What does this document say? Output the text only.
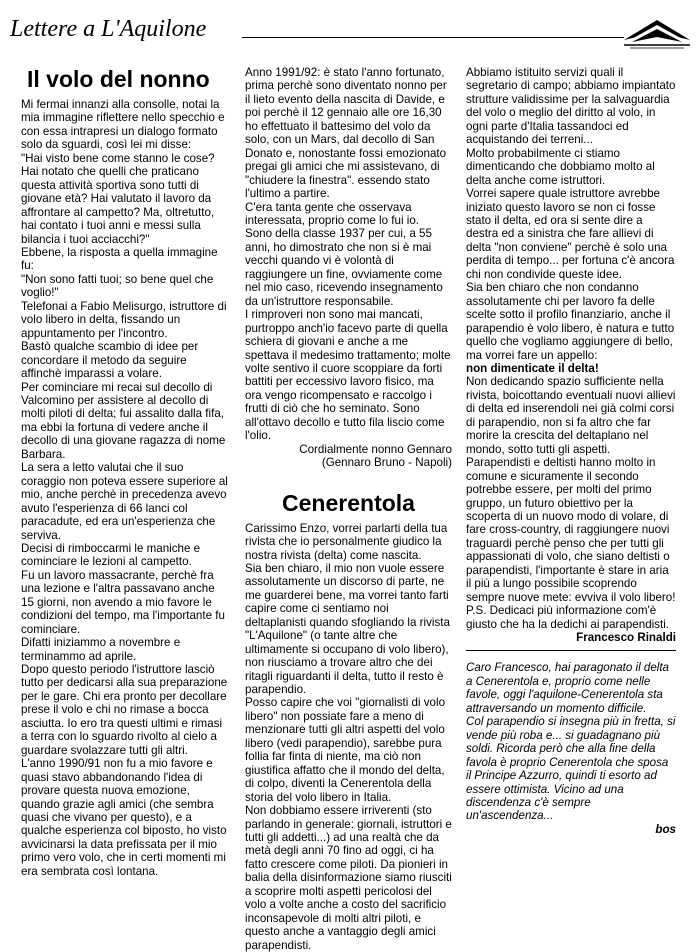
Lettere a L'Aquilone
Il volo del nonno

Mi fermai innanzi alla consolle, notai la mia immagine riflettere nello specchio e con essa intrapresi un dialogo formato solo da sguardi, così lei mi disse:

"Hai visto bene come stanno le cose? Hai notato che quelli che praticano questa attività sportiva sono tutti di giovane età? Hai valutato il lavoro da affrontare al campetto? Ma, oltretutto, hai contato i tuoi anni e messi sulla bilancia i tuoi acciacchi?"

Ebbene, la risposta a quella immagine fu:

"Non sono fatti tuoi; so bene quel che voglio!"

Telefonai a Fabio Melisurgo, istruttore di volo libero in delta, fissando un appuntamento per l'incontro.

Bastò qualche scambio di idee per concordare il metodo da seguire affinchè imparassi a volare.

Per cominciare mi recai sul decollo di Valcomino per assistere al decollo di molti piloti di delta; fui assalito dalla fifa, ma ebbi la fortuna di vedere anche il decollo di una giovane ragazza di nome Barbara.

La sera a letto valutai che il suo coraggio non poteva essere superiore al mio, anche perchè in precedenza avevo avuto l'esperienza di 66 lanci col paracadute, ed era un'esperienza che serviva.

Decisi di rimboccarmi le maniche e cominciare le lezioni al campetto.

Fu un lavoro massacrante, perchè fra una lezione e l'altra passavano anche 15 giorni, non avendo a mio favore le condizioni del tempo, ma l'importante fu cominciare.

Difatti iniziammo a novembre e terminammo ad aprile.

Dopo questo periodo l'istruttore lasciò tutto per dedicarsi alla sua preparazione per le gare. Chi era pronto per decollare prese il volo e chi no rimase a bocca asciutta. Io ero tra questi ultimi e rimasi a terra con lo sguardo rivolto al cielo a guardare svolazzare tutti gli altri.

L'anno 1990/91 non fu a mio favore e quasi stavo abbandonando l'idea di provare questa nuova emozione, quando grazie agli amici (che sembra quasi che vivano per questo), e a qualche esperienza col biposto, ho visto avvicinarsi la data prefissata per il mio primo vero volo, che in certi momenti mi era sembrata così lontana.

Anno 1991/92: è stato l'anno fortunato, prima perchè sono diventato nonno per il lieto evento della nascita di Davide, e poi perchè il 12 gennaio alle ore 16,30 ho effettuato il battesimo del volo da solo, con un Mars, dal decollo di San Donato e, nonostante fossi emozionato pregai gli amici che mi assistevano, di "chiudere la finestra". essendo stato l'ultimo a partire.

C'era tanta gente che osservava interessata, proprio come lo fui io.

Sono della classe 1937 per cui, a 55 anni, ho dimostrato che non si è mai vecchi quando vi è volontà di raggiungere un fine, ovviamente come nel mio caso, ricevendo insegnamento da un'istruttore responsabile.

I rimproveri non sono mai mancati, purtroppo anch'io facevo parte di quella schiera di giovani e anche a me spettava il medesimo trattamento; molte volte sentivo il cuore scoppiare da forti battiti per eccessivo lavoro fisico, ma ora vengo ricompensato e raccolgo i frutti di ciò che ho seminato. Sono all'ottavo decollo e tutto fila liscio come l'olio.

Cordialmente nonno Gennaro

(Gennaro Bruno - Napoli)

Cenerentola

Carissimo Enzo, vorrei parlarti della tua rivista che io personalmente giudico la nostra rivista (delta) come nascita.

Sia ben chiaro, il mio non vuole essere assolutamente un discorso di parte, ne me guarderei bene, ma vorrei tanto farti capire come ci sentiamo noi deltaplanisti quando sfogliando la rivista "L'Aquilone" (o tante altre che ultimamente si occupano di volo libero), non riusciamo a trovare altro che dei ritagli riguardanti il delta, tutto il resto è parapendio.

Posso capire che voi "giornalisti di volo libero" non possiate fare a meno di menzionare tutti gli altri aspetti del volo libero (vedi parapendio), sarebbe pura follia far finta di niente, ma ciò non giustifica affatto che il mondo del delta, di colpo, diventi la Cenerentola della storia del volo libero in Italia.

Non dobbiamo essere irriverenti (sto parlando in generale: giornali, istruttori e tutti gli addetti...) ad una realtà che da metà degli anni 70 fino ad oggi, ci ha fatto crescere come piloti. Da pionieri in balia della disinformazione siamo riusciti a scoprire molti aspetti pericolosi del volo a volte anche a costo del sacrificio inconsapevole di molti altri piloti, e questo anche a vantaggio degli amici parapendisti.

Abbiamo istituito servizi quali il segretario di campo; abbiamo impiantato strutture validissime per la salvaguardia del volo o meglio del diritto al volo, in ogni parte d'Italia tassandoci ed acquistando dei terreni...

Molto probabilmente ci stiamo dimenticando che dobbiamo molto al delta anche come istruttori.

Vorrei sapere quale istruttore avrebbe iniziato questo lavoro se non ci fosse stato il delta, ed ora si sente dire a destra ed a sinistra che fare allievi di delta "non conviene" perchè è solo una perdita di tempo... per fortuna c'è ancora chi non condivide queste idee.

Sia ben chiaro che non condanno assolutamente chi per lavoro fa delle scelte sotto il profilo finanziario, anche il parapendio è volo libero, è natura e tutto quello che vogliamo aggiungere di bello, ma vorrei fare un appello:

non dimenticate il delta!

Non dedicando spazio sufficiente nella rivista, boicottando eventuali nuovi allievi di delta ed inserendoli nei già colmi corsi di parapendio, non si fa altro che far morire la crescita del deltaplano nel mondo, sotto tutti gli aspetti.

Parapendisti e deltisti hanno molto in comune e sicuramente il secondo potrebbe essere, per molti del primo gruppo, un futuro obiettivo per la scoperta di un nuovo modo di volare, di fare cross-country, di raggiungere nuovi traguardi perchè penso che per tutti gli appassionati di volo, che siano deltisti o parapendisti, l'importante è stare in aria il più a lungo possibile scoprendo sempre nuove mete: evviva il volo libero!

P.S. Dedicaci più informazione com'è giusto che ha la dedichi ai parapendisti.

Francesco Rinaldi

Caro Francesco, hai paragonato il delta a Cenerentola e, proprio come nelle favole, oggi l'aquilone-Cenerentola sta attraversando un momento difficile.

Col parapendio si insegna più in fretta, si vende più roba e... si guadagnano più soldi. Ricorda però che alla fine della favola è proprio Cenerentola che sposa il Principe Azzurro, quindi ti esorto ad essere ottimista. Vicino ad una discendenza c'è sempre un'ascendenza...

bos
